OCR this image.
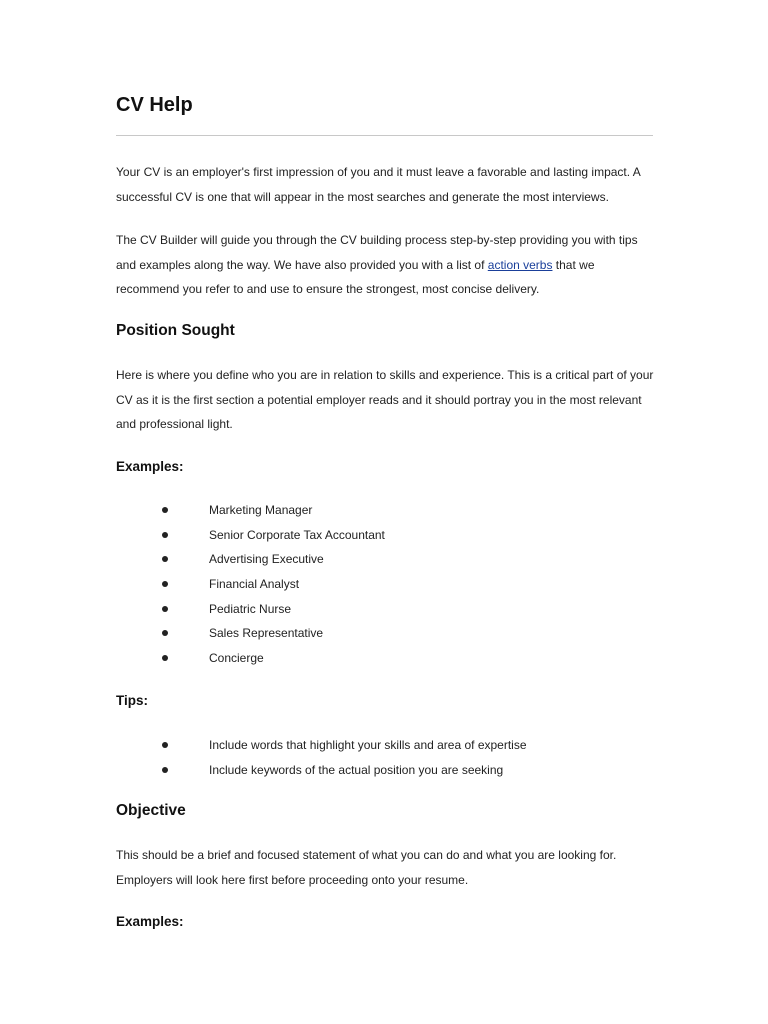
CV Help

Your CV is an employer's first impression of you and it must leave a favorable and lasting impact. A successful CV is one that will appear in the most searches and generate the most interviews.

The CV Builder will guide you through the CV building process step-by-step providing you with tips and examples along the way. We have also provided you with a list of action verbs that we recommend you refer to and use to ensure the strongest, most concise delivery.

Position Sought

Here is where you define who you are in relation to skills and experience. This is a critical part of your CV as it is the first section a potential employer reads and it should portray you in the most relevant and professional light.

Examples:
Marketing Manager
Senior Corporate Tax Accountant
Advertising Executive
Financial Analyst
Pediatric Nurse
Sales Representative
Concierge
Tips:
Include words that highlight your skills and area of expertise
Include keywords of the actual position you are seeking
Objective

This should be a brief and focused statement of what you can do and what you are looking for. Employers will look here first before proceeding onto your resume.

Examples:
